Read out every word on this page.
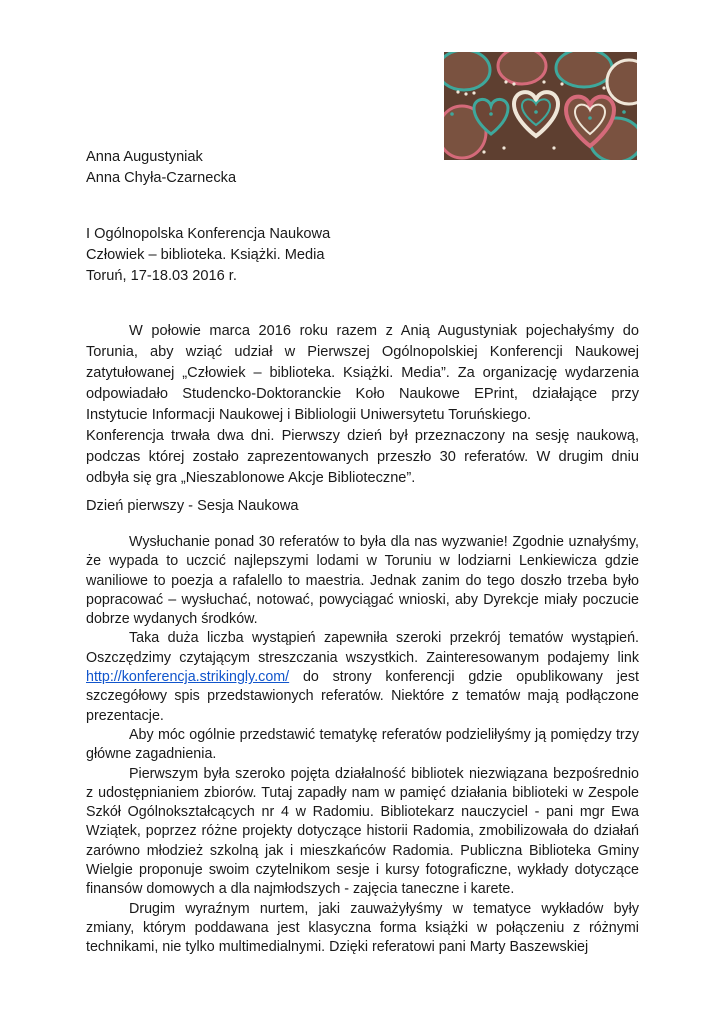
Anna Augustyniak
Anna Chyła-Czarnecka
I Ogólnopolska Konferencja Naukowa
Człowiek – biblioteka. Książki. Media
Toruń, 17-18.03 2016 r.

W połowie marca 2016 roku razem z Anią Augustyniak pojechałyśmy do Torunia, aby wziąć udział w Pierwszej Ogólnopolskiej Konferencji Naukowej zatytułowanej „Człowiek – biblioteka. Książki. Media”. Za organizację wydarzenia odpowiadało Studencko-Doktoranckie Koło Naukowe EPrint, działające przy Instytucie Informacji Naukowej i Bibliologii Uniwersytetu Toruńskiego.

Konferencja trwała dwa dni. Pierwszy dzień był przeznaczony na sesję naukową, podczas której zostało zaprezentowanych przeszło 30 referatów. W drugim dniu odbyła się gra „Nieszablonowe Akcje Biblioteczne”.

Dzień pierwszy - Sesja Naukowa

Wysłuchanie ponad 30 referatów to była dla nas wyzwanie! Zgodnie uznałyśmy, że wypada to uczcić najlepszymi lodami w Toruniu w lodziarni Lenkiewicza gdzie waniliowe to poezja a rafalello to maestria. Jednak zanim do tego doszło trzeba było popracować – wysłuchać, notować, powyciągać wnioski, aby Dyrekcje miały poczucie dobrze wydanych środków.

Taka duża liczba wystąpień zapewniła szeroki przekrój tematów wystąpień. Oszczędzimy czytającym streszczania wszystkich. Zainteresowanym podajemy link http://konferencja.strikingly.com/ do strony konferencji gdzie opublikowany jest szczegółowy spis przedstawionych referatów. Niektóre z tematów mają podłączone prezentacje.

Aby móc ogólnie przedstawić tematykę referatów podzieliłyśmy ją pomiędzy trzy główne zagadnienia.

Pierwszym była szeroko pojęta działalność bibliotek niezwiązana bezpośrednio z udostępnianiem zbiorów. Tutaj zapadły nam w pamięć działania biblioteki w Zespole Szkół Ogólnokształcących nr 4 w Radomiu. Bibliotekarz nauczyciel - pani mgr Ewa Wziątek, poprzez różne projekty dotyczące historii Radomia, zmobilizowała do działań zarówno młodzież szkolną jak i mieszkańców Radomia. Publiczna Biblioteka Gminy Wielgie proponuje swoim czytelnikom sesje i kursy fotograficzne, wykłady dotyczące finansów domowych a dla najmłodszych - zajęcia taneczne i karete.

Drugim wyraźnym nurtem, jaki zauważyłyśmy w tematyce wykładów były zmiany, którym poddawana jest klasyczna forma książki w połączeniu z różnymi technikami, nie tylko multimedialnymi. Dzięki referatowi pani Marty Baszewskiej
